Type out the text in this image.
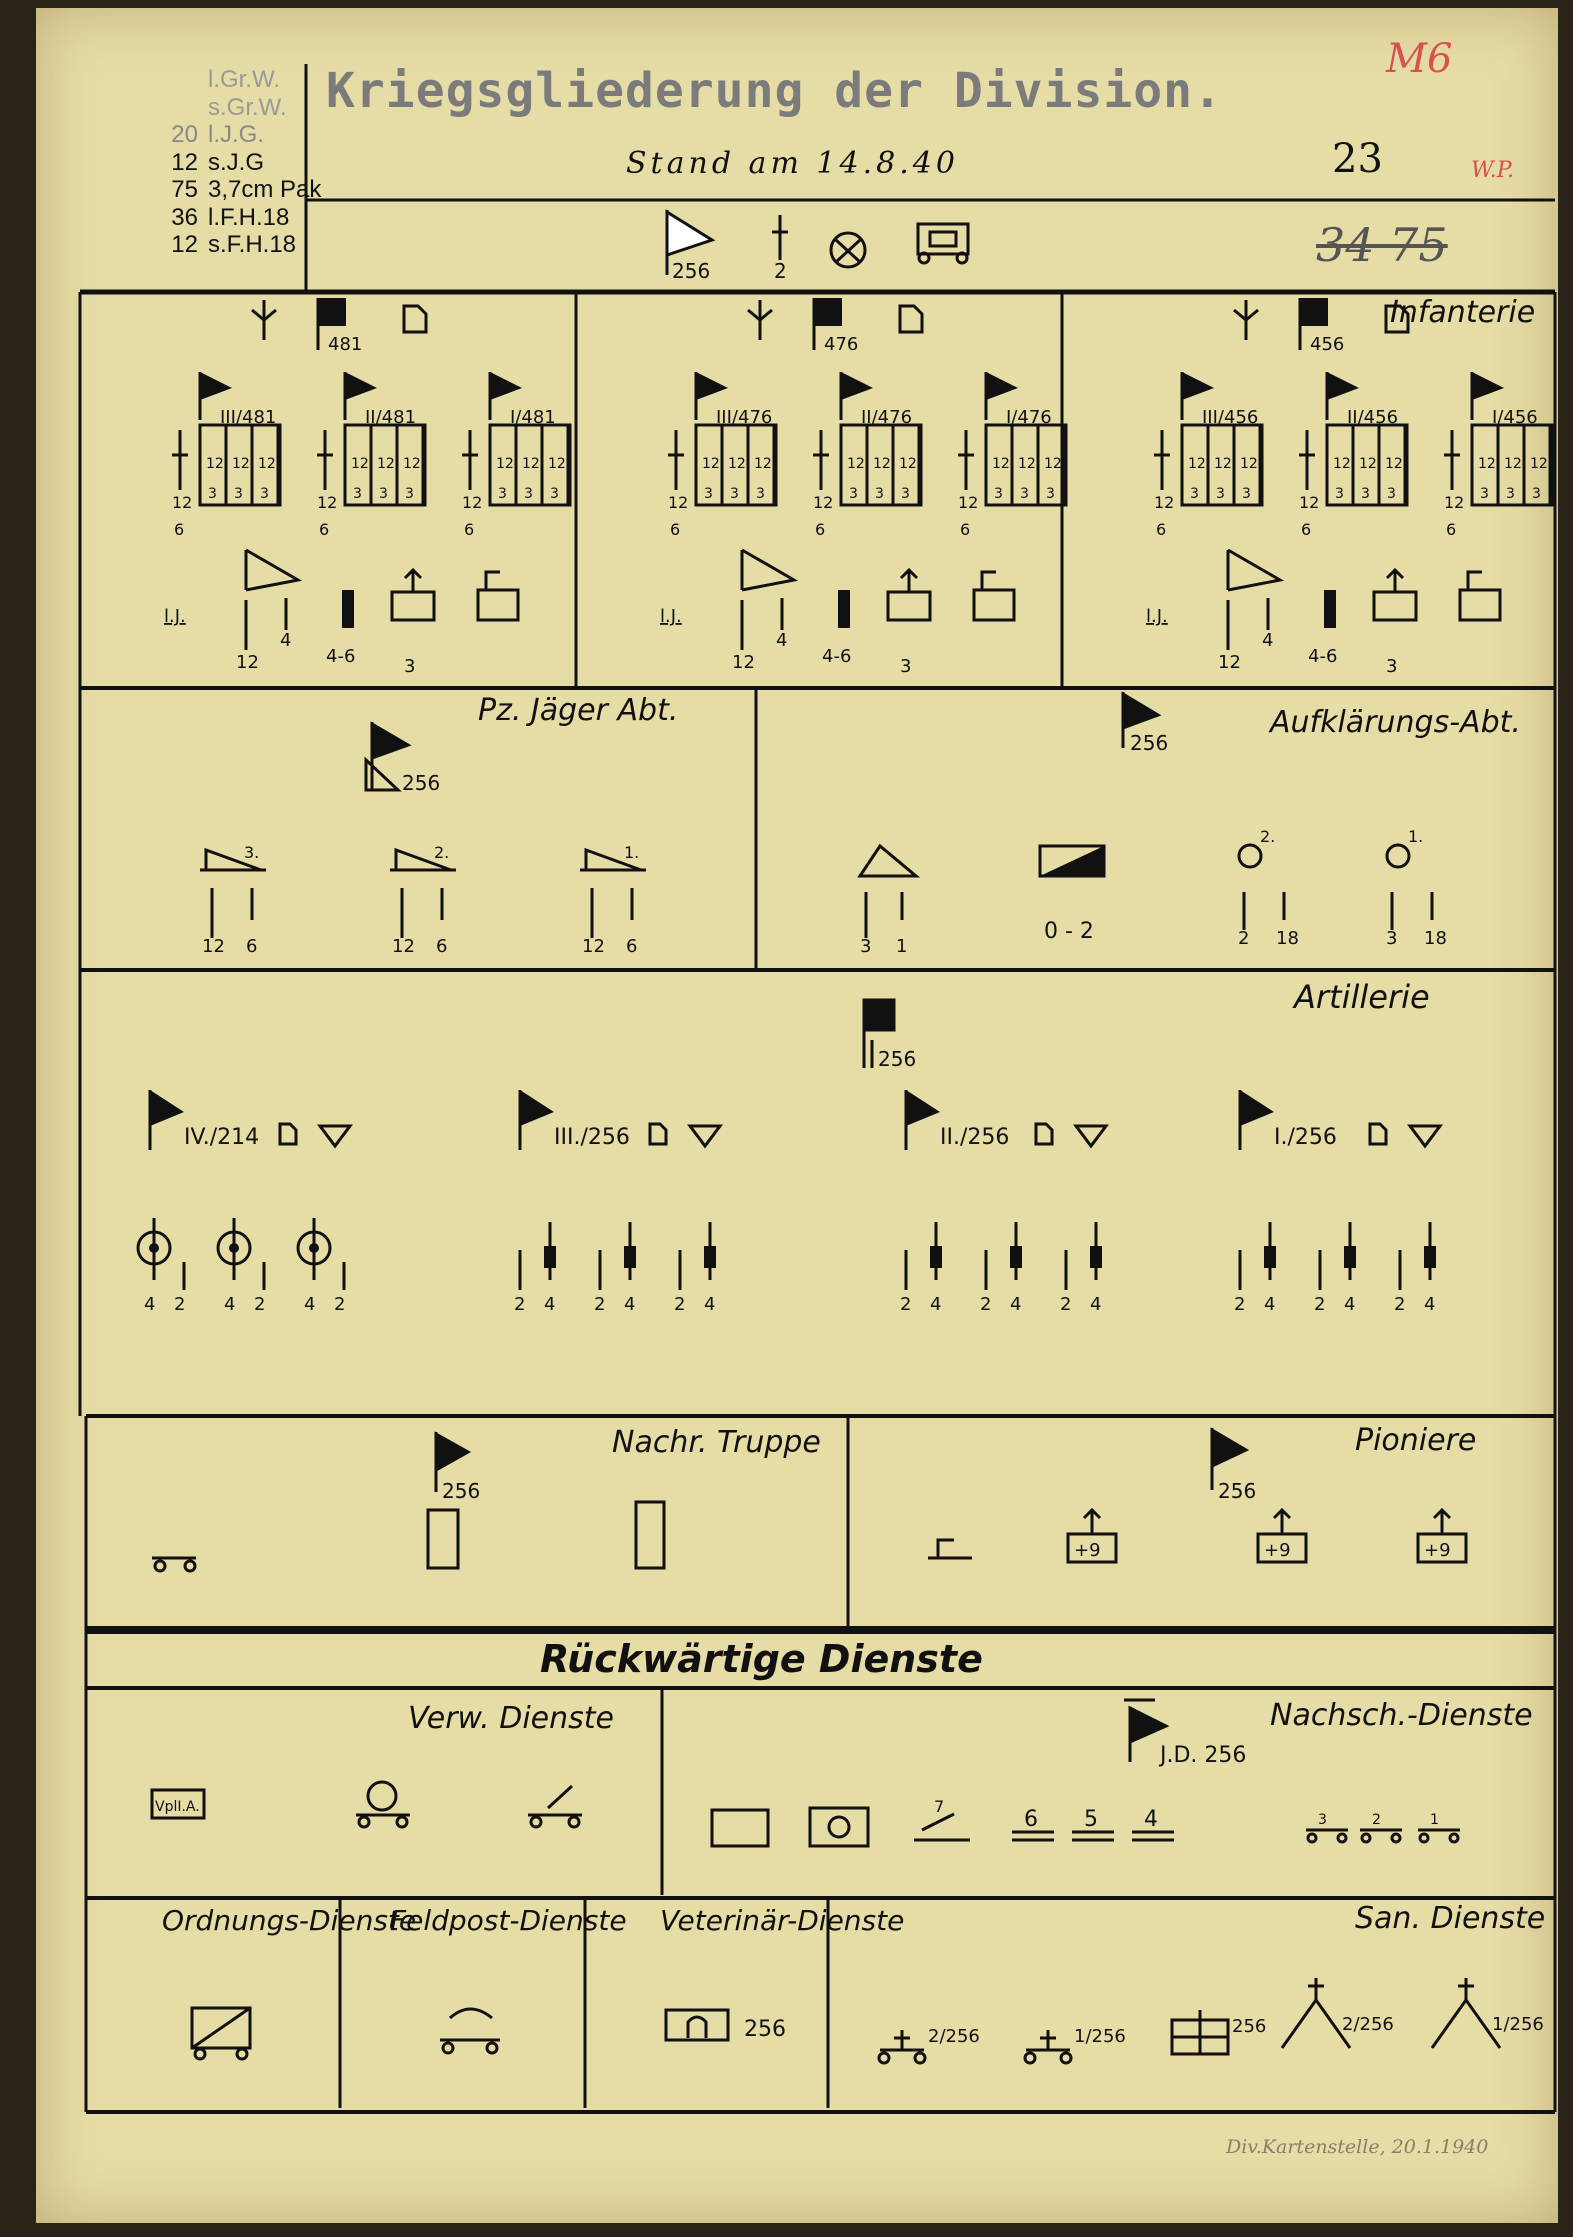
Kriegsgliederung der Division.
Stand am 14.8.40	23
34 75
M6
W.P.
l.Gr.W.
s.Gr.W.
20 l.J.G.
12 s.J.G
75 3,7cm Pak
36 l.F.H.18
12 s.F.H.18
256	2
Infanterie
481
III/481
12
3
12
3
12
3
12
6
II/481
12
3
12
3
12
3
12
6
I/481
12
3
12
3
12
3
12
6
l.J.
12
4
4-6	3
476
III/476
12
3
12
3
12
3
12
6
II/476
12
3
12
3
12
3
12
6
I/476
12
3
12
3
12
3
12
6
l.J.
12
4
4-6	3
456
III/456
12
3
12
3
12
3
12
6
II/456
12
3
12
3
12
3
12
6
I/456
12
3
12
3
12
3
12
6
l.J.
12
4
4-6	3
Pz. Jäger Abt.
256
3.
12 6
2.
12 6
1.
12 6
Aufklärungs-Abt.
256
3 1
0 - 2
2.
2 18
1.
3 18
Artillerie
256
IV./214
4 2 4 2 4 2
III./256
2 4 2 4 2 4
II./256
2 4 2 4 2 4
I./256
2 4 2 4 2 4
Nachr. Truppe
256
Pioniere
256
+9	+9	+9
Rückwärtige Dienste
Verw. Dienste
VplI.A.
Nachsch.-Dienste
J.D. 256
7
6 5 4	3	2	1
Ordnungs-Dienste
Feldpost-Dienste Veterinär-Dienste
256
San. Dienste
2/256	1/256	256	2/256	1/256
Div.Kartenstelle, 20.1.1940
